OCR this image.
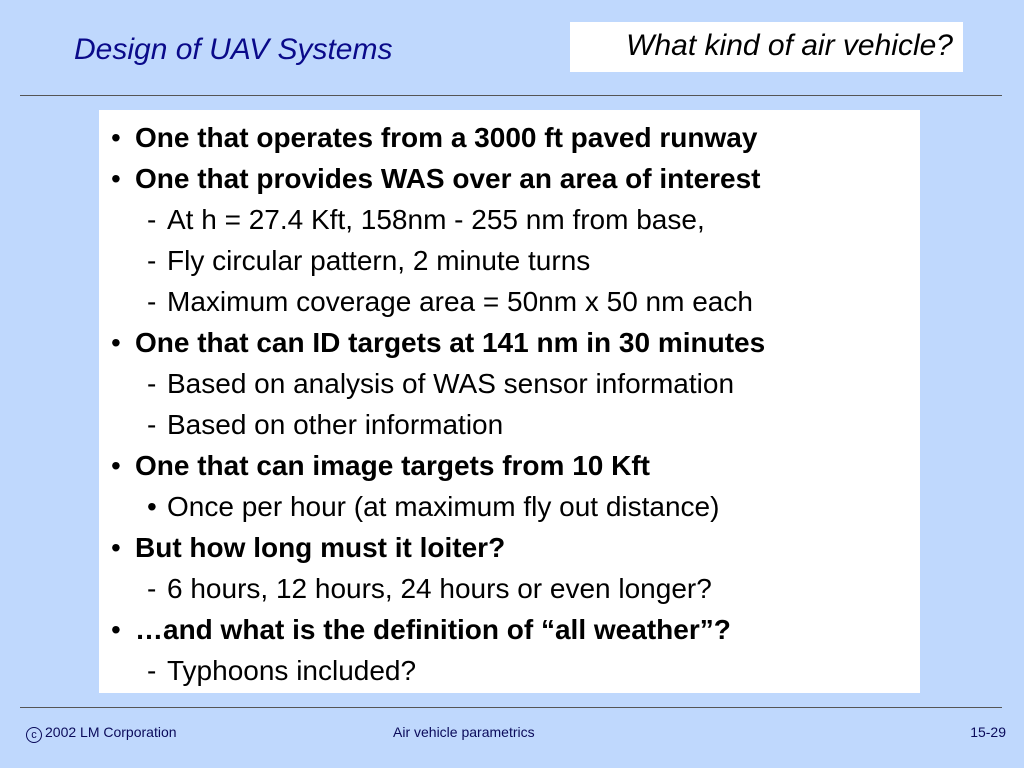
Design of UAV Systems	What kind of air vehicle?
• One that operates from a 3000 ft paved runway
• One that provides WAS over an area of interest
- At h = 27.4 Kft, 158nm - 255 nm from base,
- Fly circular pattern, 2 minute turns
- Maximum coverage area = 50nm x 50 nm each
• One that can ID targets at 141 nm in 30 minutes
- Based on analysis of WAS sensor information
- Based on other information
• One that can image targets from 10 Kft
• Once per hour (at maximum fly out distance)
• But how long must it loiter?
- 6 hours, 12 hours, 24 hours or even longer?
• …and what is the definition of “all weather”?
- Typhoons included?
c 2002 LM Corporation	Air vehicle parametrics	15-29
